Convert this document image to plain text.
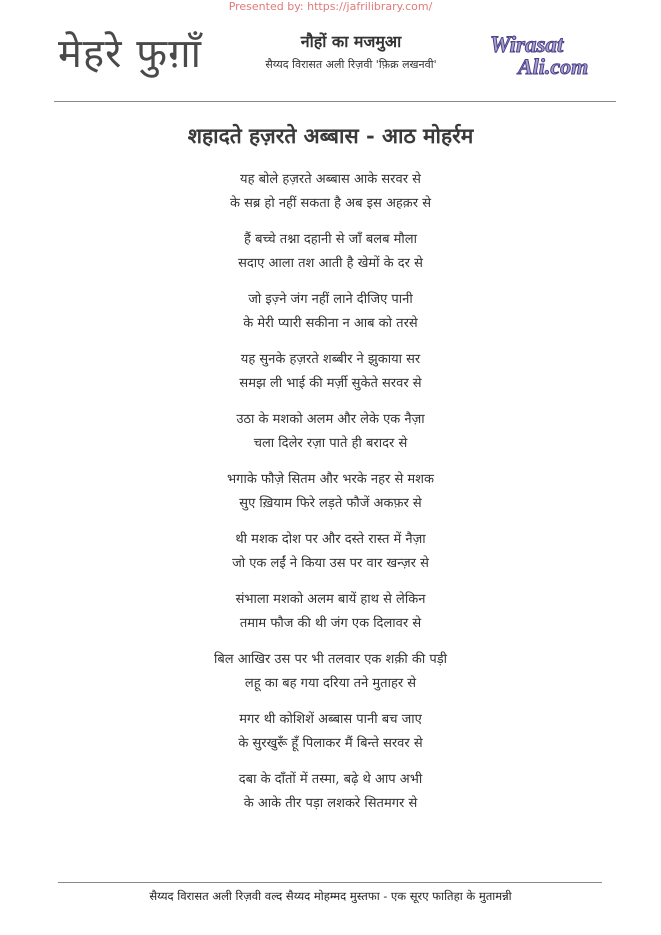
Presented by: https://jafrilibrary.com/
मेहरे फुग़ाँ	नौहों का मजमुआ
सैय्यद विरासत अली रिज़वी 'फ़िक्र लखनवी'
Wirasat
Ali.com
शहादते हज़रते अब्बास - आठ मोहर्रम
यह बोले हज़रते अब्बास आके सरवर से
के सब्र हो नहीं सकता है अब इस अहक़र से
हैं बच्चे तश्ना दहानी से जाँ बलब मौला
सदाए आला तश आती है खेमों के दर से
जो इज़्ने जंग नहीं लाने दीजिए पानी
के मेरी प्यारी सकीना न आब को तरसे
यह सुनके हज़रते शब्बीर ने झुकाया सर
समझ ली भाई की मर्ज़ी सुकेते सरवर से
उठा के मशको अलम और लेके एक नैज़ा
चला दिलेर रज़ा पाते ही बरादर से
भगाके फौज़े सितम और भरके नहर से मशक
सुए ख़ियाम फिरे लड़ते फौजें अकफ़र से
थी मशक दोश पर और दस्ते रास्त में नैज़ा
जो एक लईं ने किया उस पर वार खन्ज़र से
संभाला मशको अलम बायें हाथ से लेकिन
तमाम फौज की थी जंग एक दिलावर से
बिल आखिर उस पर भी तलवार एक शक़ी की पड़ी
लहू का बह गया दरिया तने मुताहर से
मगर थी कोशिशें अब्बास पानी बच जाए
के सुरखुरूँ हूँ पिलाकर मैं बिन्ते सरवर से
दबा के दाँतों में तस्मा, बढ़े थे आप अभी
के आके तीर पड़ा लशकरे सितमगर से
सैय्यद विरासत अली रिज़वी वल्द सैय्यद मोहम्मद मुस्तफा - एक सूरए फातिहा के मुतामन्नी
